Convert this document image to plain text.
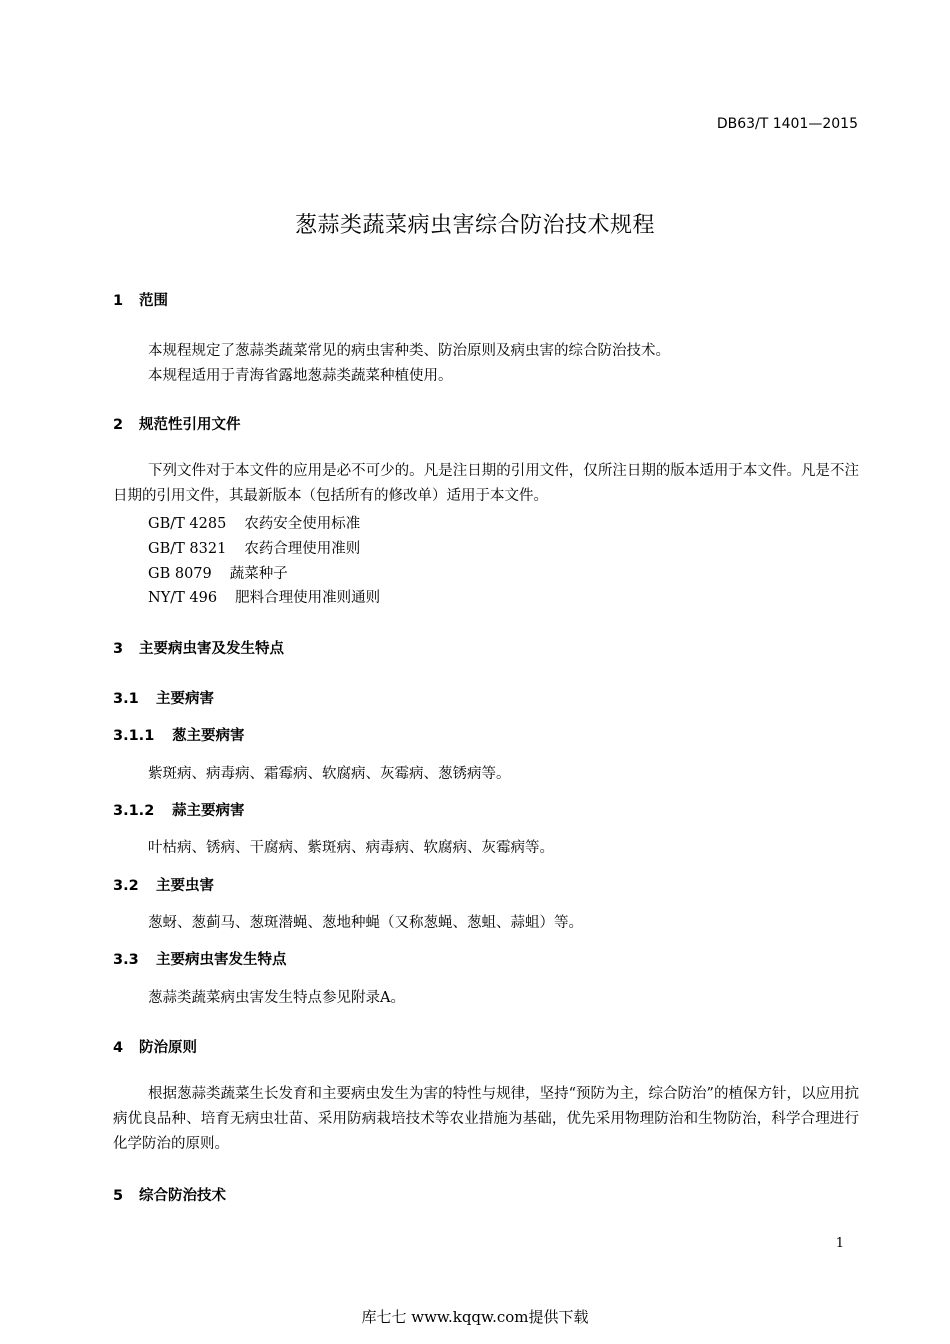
DB63/T 1401—2015
葱蒜类蔬菜病虫害综合防治技术规程
1 范围
本规程规定了葱蒜类蔬菜常见的病虫害种类、防治原则及病虫害的综合防治技术。
本规程适用于青海省露地葱蒜类蔬菜种植使用。
2 规范性引用文件
下列文件对于本文件的应用是必不可少的。凡是注日期的引用文件，仅所注日期的版本适用于本文件。凡是不注日期的引用文件，其最新版本（包括所有的修改单）适用于本文件。
GB/T 4285 农药安全使用标准
GB/T 8321 农药合理使用准则
GB 8079 蔬菜种子
NY/T 496 肥料合理使用准则通则
3 主要病虫害及发生特点
3.1 主要病害
3.1.1 葱主要病害
紫斑病、病毒病、霜霉病、软腐病、灰霉病、葱锈病等。
3.1.2 蒜主要病害
叶枯病、锈病、干腐病、紫斑病、病毒病、软腐病、灰霉病等。
3.2 主要虫害
葱蚜、葱蓟马、葱斑潜蝇、葱地种蝇（又称葱蝇、葱蛆、蒜蛆）等。
3.3 主要病虫害发生特点
葱蒜类蔬菜病虫害发生特点参见附录A。
4 防治原则
根据葱蒜类蔬菜生长发育和主要病虫发生为害的特性与规律，坚持“预防为主，综合防治”的植保方针，以应用抗病优良品种、培育无病虫壮苗、采用防病栽培技术等农业措施为基础，优先采用物理防治和生物防治，科学合理进行化学防治的原则。
5 综合防治技术
1
库七七 www.kqqw.com提供下载
